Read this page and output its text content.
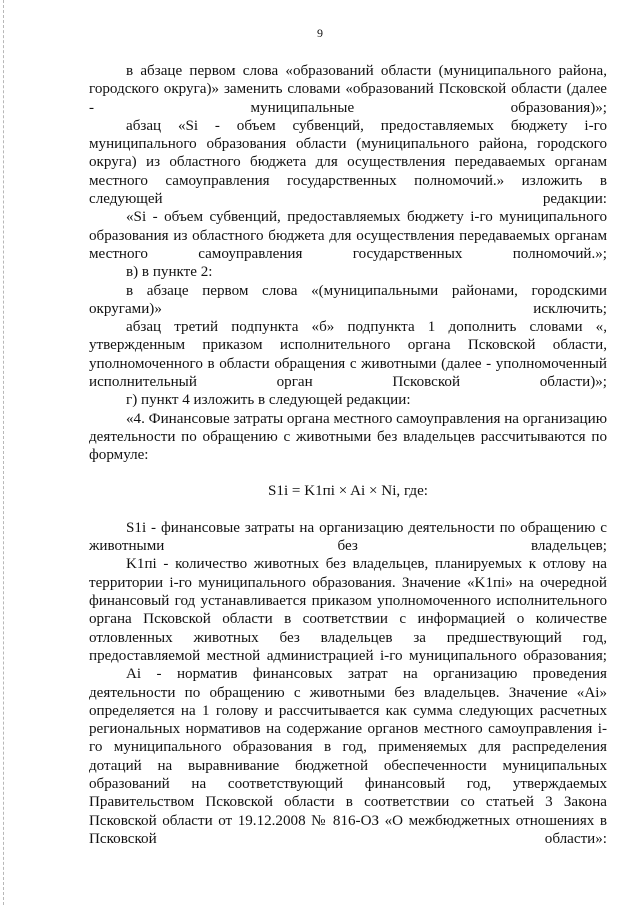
9

в абзаце первом слова «образований области (муниципального района, городского округа)» заменить словами «образований Псковской области (далее - муниципальные образования)»;

абзац «Si - объем субвенций, предоставляемых бюджету i-го муниципального образования области (муниципального района, городского округа) из областного бюджета для осуществления передаваемых органам местного самоуправления государственных полномочий.» изложить в следующей редакции:

«Si - объем субвенций, предоставляемых бюджету i-го муниципального образования из областного бюджета для осуществления передаваемых органам местного самоуправления государственных полномочий.»;

в) в пункте 2:

в абзаце первом слова «(муниципальными районами, городскими округами)» исключить;

абзац третий подпункта «б» подпункта 1 дополнить словами «, утвержденным приказом исполнительного органа Псковской области, уполномоченного в области обращения с животными (далее - уполномоченный исполнительный орган Псковской области)»;

г) пункт 4 изложить в следующей редакции:

«4. Финансовые затраты органа местного самоуправления на организацию деятельности по обращению с животными без владельцев рассчитываются по формуле:

S1i = K1пi × Ai × Ni, где:

S1i - финансовые затраты на организацию деятельности по обращению с животными без владельцев;

K1пi - количество животных без владельцев, планируемых к отлову на территории i-го муниципального образования. Значение «K1пi» на очередной финансовый год устанавливается приказом уполномоченного исполнительного органа Псковской области в соответствии с информацией о количестве отловленных животных без владельцев за предшествующий год, предоставляемой местной администрацией i-го муниципального образования;

Ai - норматив финансовых затрат на организацию проведения деятельности по обращению с животными без владельцев. Значение «Ai» определяется на 1 голову и рассчитывается как сумма следующих расчетных региональных нормативов на содержание органов местного самоуправления i-го муниципального образования в год, применяемых для распределения дотаций на выравнивание бюджетной обеспеченности муниципальных образований на соответствующий финансовый год, утверждаемых Правительством Псковской области в соответствии со статьей 3 Закона Псковской области от 19.12.2008 № 816-ОЗ «О межбюджетных отношениях в Псковской области»:
